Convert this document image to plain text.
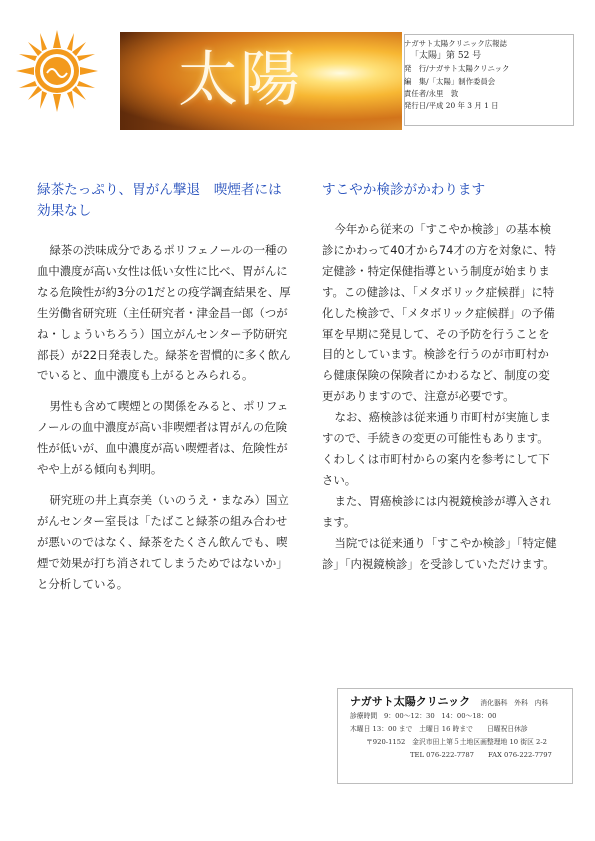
太陽
ナガサト太陽クリニック広報誌
「太陽」第 52 号
発　行/ナガサト太陽クリニック
編　集/「太陽」制作委員会
責任者/永里　敦
発行日/平成 20 年 3 月 1 日
緑茶たっぷり、胃がん撃退　喫煙者には効果なし

緑茶の渋味成分であるポリフェノールの一種の血中濃度が高い女性は低い女性に比べ、胃がんになる危険性が約3分の1だとの疫学調査結果を、厚生労働省研究班（主任研究者・津金昌一郎（つがね・しょういちろう）国立がんセンター予防研究部長）が22日発表した。緑茶を習慣的に多く飲んでいると、血中濃度も上がるとみられる。

男性も含めて喫煙との関係をみると、ポリフェノールの血中濃度が高い非喫煙者は胃がんの危険性が低いが、血中濃度が高い喫煙者は、危険性がやや上がる傾向も判明。

研究班の井上真奈美（いのうえ・まなみ）国立がんセンター室長は「たばこと緑茶の組み合わせが悪いのではなく、緑茶をたくさん飲んでも、喫煙で効果が打ち消されてしまうためではないか」と分析している。

すこやか検診がかわります

今年から従来の「すこやか検診」の基本検診にかわって40才から74才の方を対象に、特定健診・特定保健指導という制度が始まります。この健診は、「メタボリック症候群」に特化した検診で、「メタボリック症候群」の予備軍を早期に発見して、その予防を行うことを目的としています。検診を行うのが市町村から健康保険の保険者にかわるなど、制度の変更がありますので、注意が必要です。

なお、癌検診は従来通り市町村が実施しますので、手続きの変更の可能性もあります。くわしくは市町村からの案内を参考にして下さい。

また、胃癌検診には内視鏡検診が導入されます。

当院では従来通り「すこやか検診」「特定健診」「内視鏡検診」を受診していただけます。

ナガサト太陽クリニック 消化器科　外科　内科
診療時間　9：00〜12：30　14：00〜18：00
木曜日 13：00 まで　土曜日 16 時まで 日曜祝日休診
〒920-1152　金沢市田上第５土地区画整理地 10 街区 2-2
TEL 076-222-7787 FAX 076-222-7797
